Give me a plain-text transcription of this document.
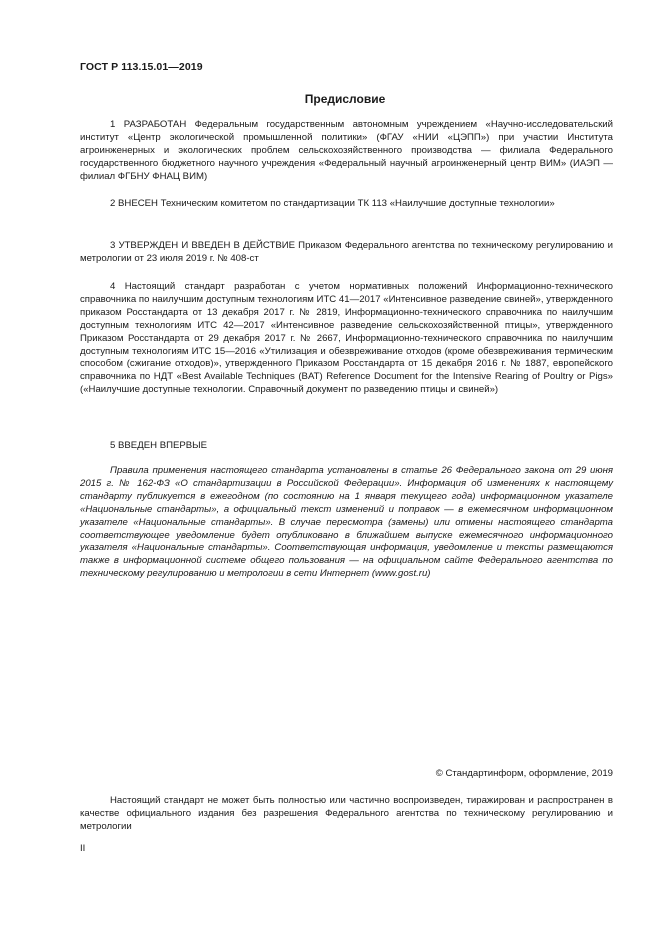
ГОСТ Р 113.15.01—2019
Предисловие

1 РАЗРАБОТАН Федеральным государственным автономным учреждением «Научно-исследовательский институт «Центр экологической промышленной политики» (ФГАУ «НИИ «ЦЭПП») при участии Института агроинженерных и экологических проблем сельскохозяйственного производства — филиала Федерального государственного бюджетного научного учреждения «Федеральный научный агроинженерный центр ВИМ» (ИАЭП — филиал ФГБНУ ФНАЦ ВИМ)

2 ВНЕСЕН Техническим комитетом по стандартизации ТК 113 «Наилучшие доступные технологии»

3 УТВЕРЖДЕН И ВВЕДЕН В ДЕЙСТВИЕ Приказом Федерального агентства по техническому регулированию и метрологии от 23 июля 2019 г. № 408-ст

4 Настоящий стандарт разработан с учетом нормативных положений Информационно-технического справочника по наилучшим доступным технологиям ИТС 41—2017 «Интенсивное разведение свиней», утвержденного приказом Росстандарта от 13 декабря 2017 г. № 2819, Информационно-технического справочника по наилучшим доступным технологиям ИТС 42—2017 «Интенсивное разведение сельскохозяйственной птицы», утвержденного Приказом Росстандарта от 29 декабря 2017 г. № 2667, Информационно-технического справочника по наилучшим доступным технологиям ИТС 15—2016 «Утилизация и обезвреживание отходов (кроме обезвреживания термическим способом (сжигание отходов)», утвержденного Приказом Росстандарта от 15 декабря 2016 г. № 1887, европейского справочника по НДТ «Best Available Techniques (BAT) Reference Document for the Intensive Rearing of Poultry or Pigs» («Наилучшие доступные технологии. Справочный документ по разведению птицы и свиней»)

5 ВВЕДЕН ВПЕРВЫЕ

Правила применения настоящего стандарта установлены в статье 26 Федерального закона от 29 июня 2015 г. № 162-ФЗ «О стандартизации в Российской Федерации». Информация об изменениях к настоящему стандарту публикуется в ежегодном (по состоянию на 1 января текущего года) информационном указателе «Национальные стандарты», а официальный текст изменений и поправок — в ежемесячном информационном указателе «Национальные стандарты». В случае пересмотра (замены) или отмены настоящего стандарта соответствующее уведомление будет опубликовано в ближайшем выпуске ежемесячного информационного указателя «Национальные стандарты». Соответствующая информация, уведомление и тексты размещаются также в информационной системе общего пользования — на официальном сайте Федерального агентства по техническому регулированию и метрологии в сети Интернет (www.gost.ru)

© Стандартинформ, оформление, 2019

Настоящий стандарт не может быть полностью или частично воспроизведен, тиражирован и распространен в качестве официального издания без разрешения Федерального агентства по техническому регулированию и метрологии

II
